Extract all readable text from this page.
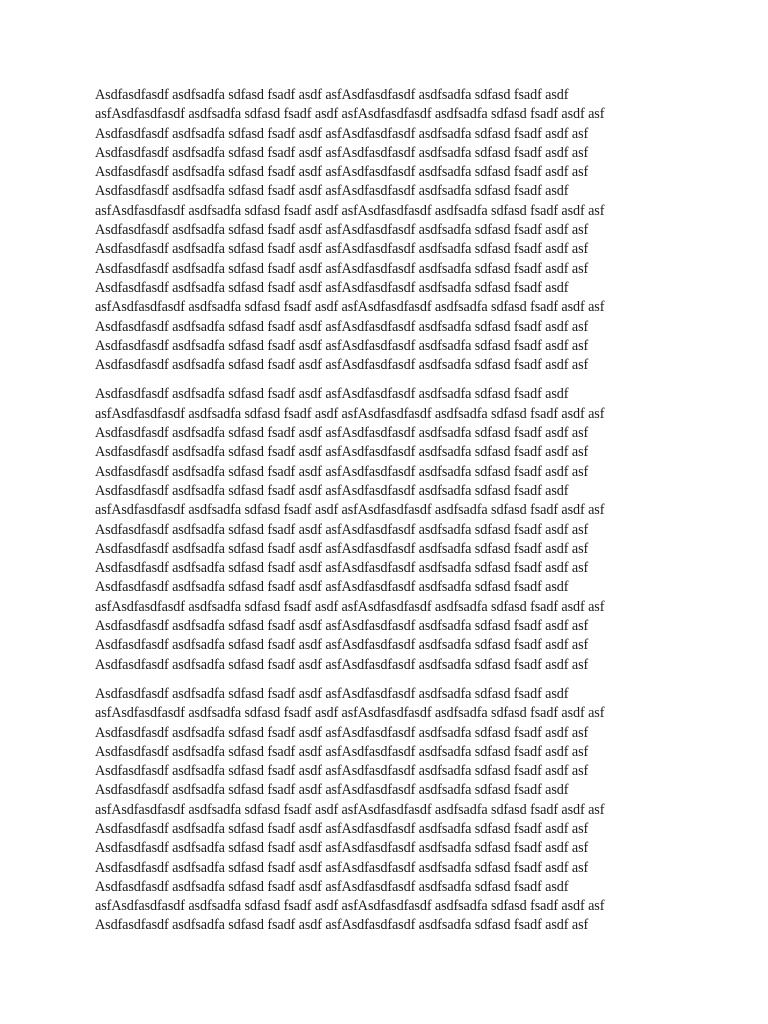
Asdfasdfasdf asdfsadfa sdfasd fsadf asdf asfAsdfasdfasdf asdfsadfa sdfasd fsadf asdf
asfAsdfasdfasdf asdfsadfa sdfasd fsadf asdf asfAsdfasdfasdf asdfsadfa sdfasd fsadf asdf asf
Asdfasdfasdf asdfsadfa sdfasd fsadf asdf asfAsdfasdfasdf asdfsadfa sdfasd fsadf asdf asf
Asdfasdfasdf asdfsadfa sdfasd fsadf asdf asfAsdfasdfasdf asdfsadfa sdfasd fsadf asdf asf
Asdfasdfasdf asdfsadfa sdfasd fsadf asdf asfAsdfasdfasdf asdfsadfa sdfasd fsadf asdf asf
Asdfasdfasdf asdfsadfa sdfasd fsadf asdf asfAsdfasdfasdf asdfsadfa sdfasd fsadf asdf
asfAsdfasdfasdf asdfsadfa sdfasd fsadf asdf asfAsdfasdfasdf asdfsadfa sdfasd fsadf asdf asf
Asdfasdfasdf asdfsadfa sdfasd fsadf asdf asfAsdfasdfasdf asdfsadfa sdfasd fsadf asdf asf
Asdfasdfasdf asdfsadfa sdfasd fsadf asdf asfAsdfasdfasdf asdfsadfa sdfasd fsadf asdf asf
Asdfasdfasdf asdfsadfa sdfasd fsadf asdf asfAsdfasdfasdf asdfsadfa sdfasd fsadf asdf asf
Asdfasdfasdf asdfsadfa sdfasd fsadf asdf asfAsdfasdfasdf asdfsadfa sdfasd fsadf asdf
asfAsdfasdfasdf asdfsadfa sdfasd fsadf asdf asfAsdfasdfasdf asdfsadfa sdfasd fsadf asdf asf
Asdfasdfasdf asdfsadfa sdfasd fsadf asdf asfAsdfasdfasdf asdfsadfa sdfasd fsadf asdf asf
Asdfasdfasdf asdfsadfa sdfasd fsadf asdf asfAsdfasdfasdf asdfsadfa sdfasd fsadf asdf asf
Asdfasdfasdf asdfsadfa sdfasd fsadf asdf asfAsdfasdfasdf asdfsadfa sdfasd fsadf asdf asf
Asdfasdfasdf asdfsadfa sdfasd fsadf asdf asfAsdfasdfasdf asdfsadfa sdfasd fsadf asdf
asfAsdfasdfasdf asdfsadfa sdfasd fsadf asdf asfAsdfasdfasdf asdfsadfa sdfasd fsadf asdf asf
Asdfasdfasdf asdfsadfa sdfasd fsadf asdf asfAsdfasdfasdf asdfsadfa sdfasd fsadf asdf asf
Asdfasdfasdf asdfsadfa sdfasd fsadf asdf asfAsdfasdfasdf asdfsadfa sdfasd fsadf asdf asf
Asdfasdfasdf asdfsadfa sdfasd fsadf asdf asfAsdfasdfasdf asdfsadfa sdfasd fsadf asdf asf
Asdfasdfasdf asdfsadfa sdfasd fsadf asdf asfAsdfasdfasdf asdfsadfa sdfasd fsadf asdf
asfAsdfasdfasdf asdfsadfa sdfasd fsadf asdf asfAsdfasdfasdf asdfsadfa sdfasd fsadf asdf asf
Asdfasdfasdf asdfsadfa sdfasd fsadf asdf asfAsdfasdfasdf asdfsadfa sdfasd fsadf asdf asf
Asdfasdfasdf asdfsadfa sdfasd fsadf asdf asfAsdfasdfasdf asdfsadfa sdfasd fsadf asdf asf
Asdfasdfasdf asdfsadfa sdfasd fsadf asdf asfAsdfasdfasdf asdfsadfa sdfasd fsadf asdf asf
Asdfasdfasdf asdfsadfa sdfasd fsadf asdf asfAsdfasdfasdf asdfsadfa sdfasd fsadf asdf
asfAsdfasdfasdf asdfsadfa sdfasd fsadf asdf asfAsdfasdfasdf asdfsadfa sdfasd fsadf asdf asf
Asdfasdfasdf asdfsadfa sdfasd fsadf asdf asfAsdfasdfasdf asdfsadfa sdfasd fsadf asdf asf
Asdfasdfasdf asdfsadfa sdfasd fsadf asdf asfAsdfasdfasdf asdfsadfa sdfasd fsadf asdf asf
Asdfasdfasdf asdfsadfa sdfasd fsadf asdf asfAsdfasdfasdf asdfsadfa sdfasd fsadf asdf asf
Asdfasdfasdf asdfsadfa sdfasd fsadf asdf asfAsdfasdfasdf asdfsadfa sdfasd fsadf asdf
asfAsdfasdfasdf asdfsadfa sdfasd fsadf asdf asfAsdfasdfasdf asdfsadfa sdfasd fsadf asdf asf
Asdfasdfasdf asdfsadfa sdfasd fsadf asdf asfAsdfasdfasdf asdfsadfa sdfasd fsadf asdf asf
Asdfasdfasdf asdfsadfa sdfasd fsadf asdf asfAsdfasdfasdf asdfsadfa sdfasd fsadf asdf asf
Asdfasdfasdf asdfsadfa sdfasd fsadf asdf asfAsdfasdfasdf asdfsadfa sdfasd fsadf asdf asf
Asdfasdfasdf asdfsadfa sdfasd fsadf asdf asfAsdfasdfasdf asdfsadfa sdfasd fsadf asdf
asfAsdfasdfasdf asdfsadfa sdfasd fsadf asdf asfAsdfasdfasdf asdfsadfa sdfasd fsadf asdf asf
Asdfasdfasdf asdfsadfa sdfasd fsadf asdf asfAsdfasdfasdf asdfsadfa sdfasd fsadf asdf asf
Asdfasdfasdf asdfsadfa sdfasd fsadf asdf asfAsdfasdfasdf asdfsadfa sdfasd fsadf asdf asf
Asdfasdfasdf asdfsadfa sdfasd fsadf asdf asfAsdfasdfasdf asdfsadfa sdfasd fsadf asdf asf
Asdfasdfasdf asdfsadfa sdfasd fsadf asdf asfAsdfasdfasdf asdfsadfa sdfasd fsadf asdf
asfAsdfasdfasdf asdfsadfa sdfasd fsadf asdf asfAsdfasdfasdf asdfsadfa sdfasd fsadf asdf asf
Asdfasdfasdf asdfsadfa sdfasd fsadf asdf asfAsdfasdfasdf asdfsadfa sdfasd fsadf asdf asf
